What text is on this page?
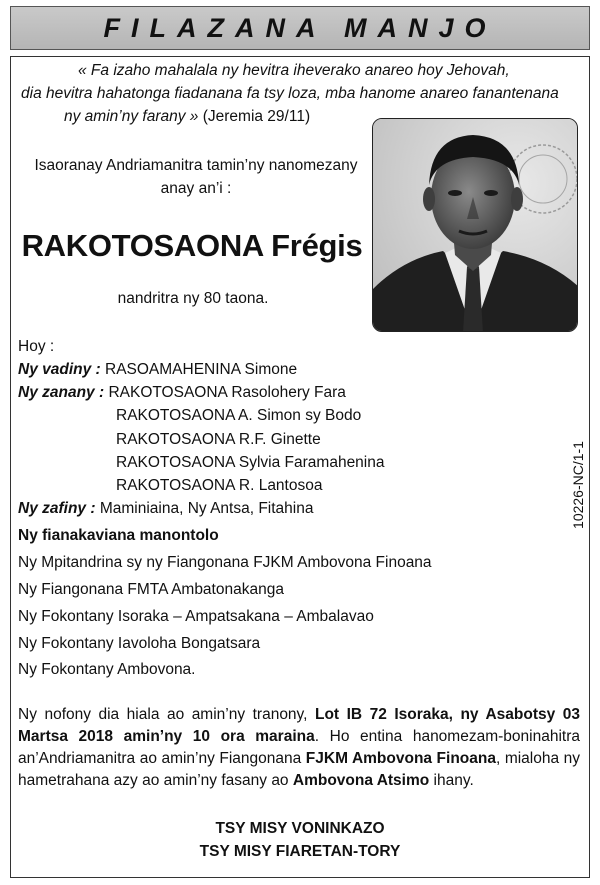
FILAZANA MANJO
« Fa izaho mahalala ny hevitra iheverako anareo hoy Jehovah,
dia hevitra hahatonga fiadanana fa tsy loza, mba hanome anareo fanantenana
ny amin’ny farany » (Jeremia 29/11)
Isaoranay Andriamanitra tamin’ny nanomezany
anay an’i :
RAKOTOSAONA Frégis
nandritra ny 80 taona.
Hoy :
Ny vadiny : RASOAMAHENINA Simone
Ny zanany : RAKOTOSAONA Rasolohery Fara
RAKOTOSAONA A. Simon sy Bodo
RAKOTOSAONA R.F. Ginette
RAKOTOSAONA Sylvia Faramahenina
RAKOTOSAONA R. Lantosoa
Ny zafiny : Maminiaina, Ny Antsa, Fitahina	10226-NC/1-1
Ny fianakaviana manontolo
Ny Mpitandrina sy ny Fiangonana FJKM Ambovona Finoana
Ny Fiangonana FMTA Ambatonakanga
Ny Fokontany Isoraka – Ampatsakana – Ambalavao
Ny Fokontany Iavoloha Bongatsara
Ny Fokontany Ambovona.
Ny nofony dia hiala ao amin’ny tranony, Lot IB 72 Isoraka, ny Asabotsy 03 Martsa 2018 amin’ny 10 ora maraina. Ho entina hanomezam-boninahitra an’Andriamanitra ao amin’ny Fiangonana FJKM Ambovona Finoana, mialoha ny hametrahana azy ao amin’ny fasany ao Ambovona Atsimo ihany.
TSY MISY VONINKAZO
TSY MISY FIARETAN-TORY
